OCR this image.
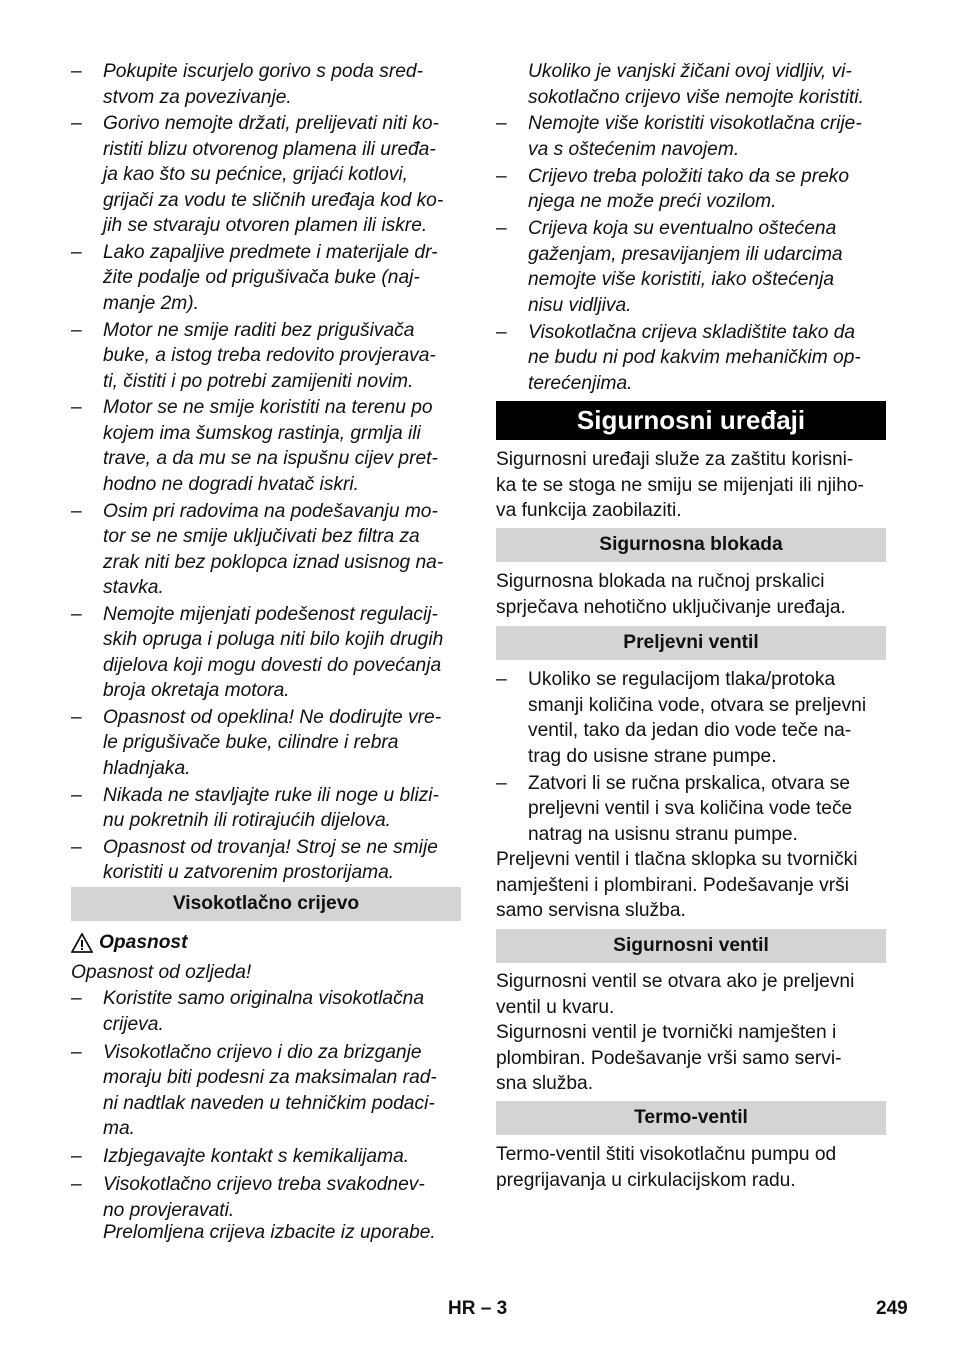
–	Pokupite iscurjelo gorivo s poda sred-
stvom za povezivanje.
–	Gorivo nemojte držati, prelijevati niti ko-
ristiti blizu otvorenog plamena ili uređa-
ja kao što su pećnice, grijaći kotlovi,
grijači za vodu te sličnih uređaja kod ko-
jih se stvaraju otvoren plamen ili iskre.
–	Lako zapaljive predmete i materijale dr-
žite podalje od prigušivača buke (naj-
manje 2m).
–	Motor ne smije raditi bez prigušivača
buke, a istog treba redovito provjerava-
ti, čistiti i po potrebi zamijeniti novim.
–	Motor se ne smije koristiti na terenu po
kojem ima šumskog rastinja, grmlja ili
trave, a da mu se na ispušnu cijev pret-
hodno ne dogradi hvatač iskri.
–	Osim pri radovima na podešavanju mo-
tor se ne smije uključivati bez filtra za
zrak niti bez poklopca iznad usisnog na-
stavka.
–	Nemojte mijenjati podešenost regulacij-
skih opruga i poluga niti bilo kojih drugih
dijelova koji mogu dovesti do povećanja
broja okretaja motora.
–	Opasnost od opeklina! Ne dodirujte vre-
le prigušivače buke, cilindre i rebra
hladnjaka.
–	Nikada ne stavljajte ruke ili noge u blizi-
nu pokretnih ili rotirajućih dijelova.
–	Opasnost od trovanja! Stroj se ne smije
koristiti u zatvorenim prostorijama.
Visokotlačno crijevo
Opasnost
Opasnost od ozljeda!
–	Koristite samo originalna visokotlačna
crijeva.
–	Visokotlačno crijevo i dio za brizganje
moraju biti podesni za maksimalan rad-
ni nadtlak naveden u tehničkim podaci-
ma.
–	Izbjegavajte kontakt s kemikalijama.
–	Visokotlačno crijevo treba svakodnev-
no provjeravati.
Prelomljena crijeva izbacite iz uporabe.
Ukoliko je vanjski žičani ovoj vidljiv, vi-
sokotlačno crijevo više nemojte koristiti.
–	Nemojte više koristiti visokotlačna crije-
va s oštećenim navojem.
–	Crijevo treba položiti tako da se preko
njega ne može preći vozilom.
–	Crijeva koja su eventualno oštećena
gaženjam, presavijanjem ili udarcima
nemojte više koristiti, iako oštećenja
nisu vidljiva.
–	Visokotlačna crijeva skladištite tako da
ne budu ni pod kakvim mehaničkim op-
terećenjima.
Sigurnosni uređaji
Sigurnosni uređaji služe za zaštitu korisni-
ka te se stoga ne smiju se mijenjati ili njiho-
va funkcija zaobilaziti.
Sigurnosna blokada
Sigurnosna blokada na ručnoj prskalici
sprječava nehotično uključivanje uređaja.
Preljevni ventil
–	Ukoliko se regulacijom tlaka/protoka
smanji količina vode, otvara se preljevni
ventil, tako da jedan dio vode teče na-
trag do usisne strane pumpe.
–	Zatvori li se ručna prskalica, otvara se
preljevni ventil i sva količina vode teče
natrag na usisnu stranu pumpe.
Preljevni ventil i tlačna sklopka su tvornički
namješteni i plombirani. Podešavanje vrši
samo servisna služba.
Sigurnosni ventil
Sigurnosni ventil se otvara ako je preljevni
ventil u kvaru.
Sigurnosni ventil je tvornički namješten i
plombiran. Podešavanje vrši samo servi-
sna služba.
Termo-ventil
Termo-ventil štiti visokotlačnu pumpu od
pregrijavanja u cirkulacijskom radu.
HR – 3	249
